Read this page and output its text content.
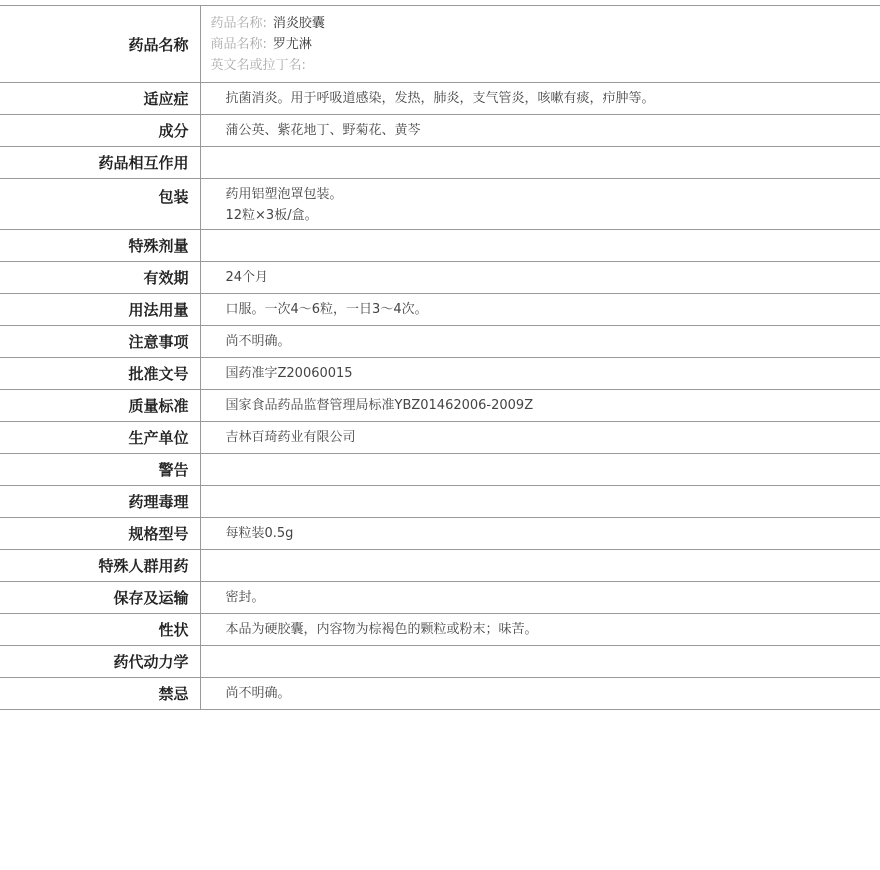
药品名称	药品名称: 消炎胶囊
商品名称: 罗尤淋
英文名或拉丁名:

适应症	抗菌消炎。用于呼吸道感染，发热，肺炎，支气管炎，咳嗽有痰，疖肿等。
成分	蒲公英、紫花地丁、野菊花、黄芩
药品相互作用	
包装	药用铝塑泡罩包装。
12粒×3板/盒。

特殊剂量	
有效期	24个月
用法用量	口服。一次4～6粒，一日3～4次。
注意事项	尚不明确。
批准文号	国药准字Z20060015
质量标准	国家食品药品监督管理局标准YBZ01462006-2009Z
生产单位	吉林百琦药业有限公司
警告	
药理毒理	
规格型号	每粒装0.5g
特殊人群用药	
保存及运输	密封。
性状	本品为硬胶囊，内容物为棕褐色的颗粒或粉末；味苦。
药代动力学	
禁忌	尚不明确。
